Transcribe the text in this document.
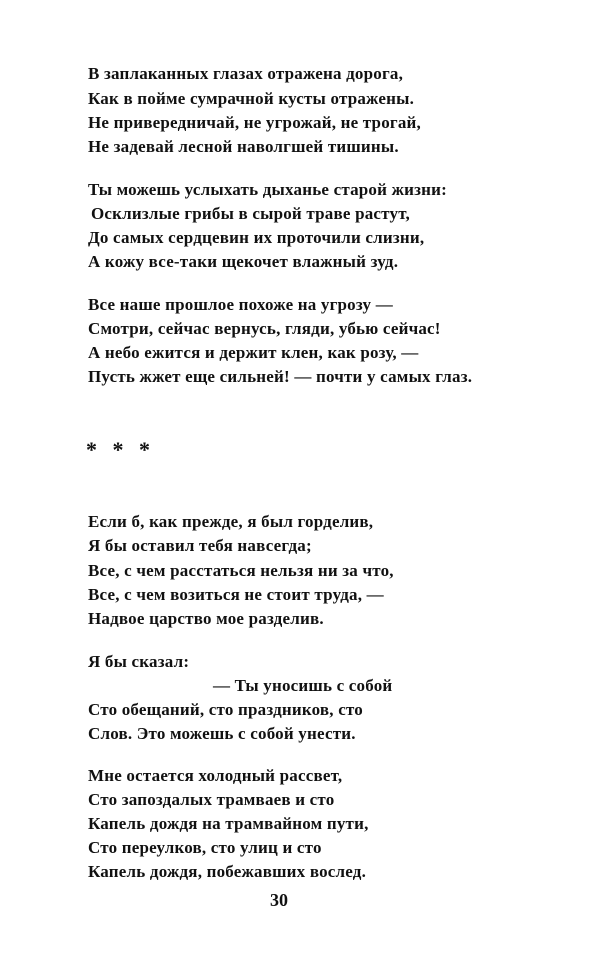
В заплаканных глазах отражена дорога,
Как в пойме сумрачной кусты отражены.
Не привередничай, не угрожай, не трогай,
Не задевай лесной наволгшей тишины.
Ты можешь услыхать дыханье старой жизни:
Осклизлые грибы в сырой траве растут,
До самых сердцевин их проточили слизни,
А кожу все-таки щекочет влажный зуд.
Все наше прошлое похоже на угрозу —
Смотри, сейчас вернусь, гляди, убью сейчас!
А небо ежится и держит клен, как розу, —
Пусть жжет еще сильней! — почти у самых глаз.
* * *
Если б, как прежде, я был горделив,
Я бы оставил тебя навсегда;
Все, с чем расстаться нельзя ни за что,
Все, с чем возиться не стоит труда, —
Надвое царство мое разделив.
Я бы сказал:
— Ты уносишь с собой
Сто обещаний, сто праздников, сто
Слов. Это можешь с собой унести.
Мне остается холодный рассвет,
Сто запоздалых трамваев и сто
Капель дождя на трамвайном пути,
Сто переулков, сто улиц и сто
Капель дождя, побежавших вослед.
30
